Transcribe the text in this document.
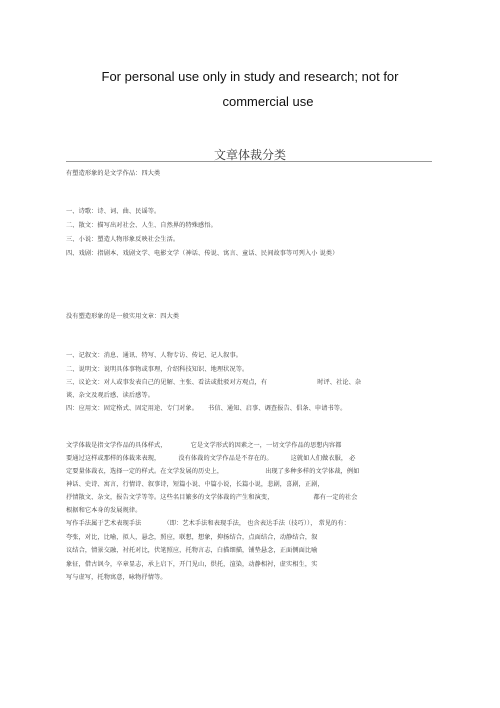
For personal use only in study and research; not for
commercial use
文章体裁分类
有塑造形象的是文学作品：四大类
一、诗歌：诗、词、曲、民谣等。
二、散文：描写出对社会、人生、自然界的特殊感悟。
三、小说：塑造人物形象反映社会生活。
四、戏剧：指剧本、戏剧文学、电影文学（神话、传说、寓言、童话、民间故事等可列入小 说类）
没有塑造形象的是一般实用文章：四大类
一、记叙文：消息、通讯、特写、人物专访、传记、记人叙事。
二、说明文：说明具体事物或事理，介绍科技知识、地理状况等。
三、议论文：对人或事发表自己的见解、主张、看法或批驳对方观点，有	时评、社论、杂
谈、杂文及观后感、读后感等。
四：应用文：固定格式、固定用途、专门对象。 书信、通知、启事、调查报告、倡条、申请书等。
文学体裁是指文学作品的具体样式，	它是文学形式的因素之一，一切文学作品的思想内容都
要通过这样或那样的体裁来表现，	没有体裁的文学作品是不存在的。	这就如人们做衣服， 必
定要量体裁衣，选择一定的样式。在文学发展的历史上，	出现了多种多样的文学体裁，例如
神话、史诗、寓言，行情诗、叙事诗，短篇小说、中篇小说，长篇小说，悲剧，喜剧，正剧，
抒情散文、杂文，报告文学等等。这些名目繁多的文学体裁的产生和演变，	都有一定的社会
根据和它本身的发展规律。
写作手法属于艺术表现手法	（即：艺术手法和表现手法， 也含表达手法（技巧））， 常见的有：
夸张，对比，比喻，拟人，悬念，照应，联想，想象，抑扬结合，点面结合，动静结合，叙
议结合，情景交融，衬托对比，伏笔照应，托物言志，白描细描，铺垫悬念，正面侧面比喻
象征，借古讽今，卒章显志，承上启下，开门见山，烘托，渲染，动静相衬，虚实相生，实
写与虚写，托物寓意，咏物抒情等。
